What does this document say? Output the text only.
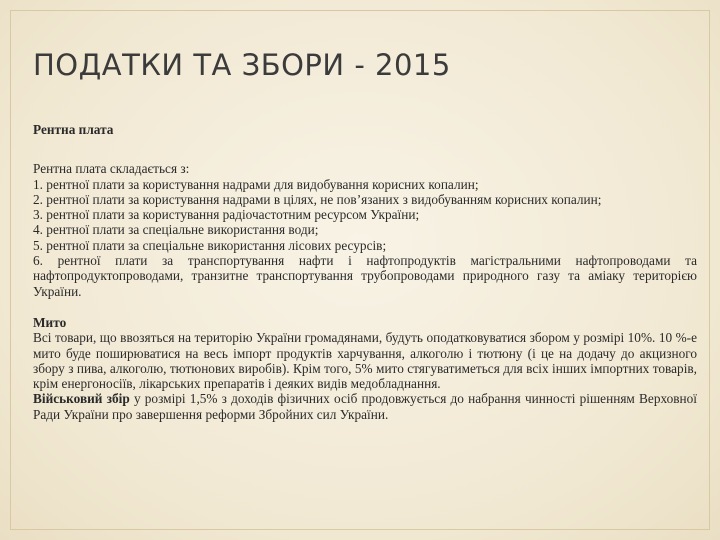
ПОДАТКИ ТА ЗБОРИ - 2015

Рентна плата

Рентна плата складається з:

1. рентної плати за користування надрами для видобування корисних копалин;

2. рентної плати за користування надрами в цілях, не пов’язаних з видобуванням корисних копалин;

3. рентної плати за користування радіочастотним ресурсом України;

4. рентної плати за спеціальне використання води;

5. рентної плати за спеціальне використання лісових ресурсів;

6. рентної плати за транспортування нафти і нафтопродуктів магістральними нафтопроводами та нафтопродуктопроводами, транзитне транспортування трубопроводами природного газу та аміаку територією України.

Мито

Всі товари, що ввозяться на територію України громадянами, будуть оподатковуватися збором у розмірі 10%. 10 %-е мито буде поширюватися на весь імпорт продуктів харчування, алкоголю і тютюну (і це на додачу до акцизного збору з пива, алкоголю, тютюнових виробів). Крім того, 5% мито стягуватиметься для всіх інших імпортних товарів, крім енергоносіїв, лікарських препаратів і деяких видів медобладнання.

Військовий збір у розмірі 1,5% з доходів фізичних осіб продовжується до набрання чинності рішенням Верховної Ради України про завершення реформи Збройних сил України.
